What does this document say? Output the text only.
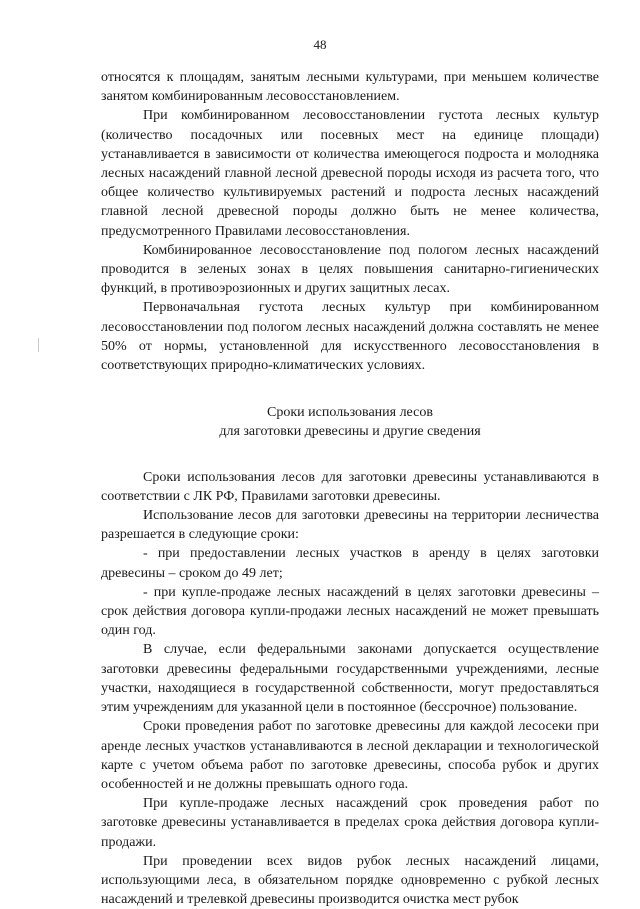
48

относятся к площадям, занятым лесными культурами, при меньшем количестве занятом комбинированным лесовосстановлением.

При комбинированном лесовосстановлении густота лесных культур (количество посадочных или посевных мест на единице площади) устанавливается в зависимости от количества имеющегося подроста и молодняка лесных насаждений главной лесной древесной породы исходя из расчета того, что общее количество культивируемых растений и подроста лесных насаждений главной лесной древесной породы должно быть не менее количества, предусмотренного Правилами лесовосстановления.

Комбинированное лесовосстановление под пологом лесных насаждений проводится в зеленых зонах в целях повышения санитарно-гигиенических функций, в противоэрозионных и других защитных лесах.

Первоначальная густота лесных культур при комбинированном лесовосстановлении под пологом лесных насаждений должна составлять не менее 50% от нормы, установленной для искусственного лесовосстановления в соответствующих природно-климатических условиях.

Сроки использования лесов
для заготовки древесины и другие сведения

Сроки использования лесов для заготовки древесины устанавливаются в соответствии с ЛК РФ, Правилами заготовки древесины.

Использование лесов для заготовки древесины на территории лесничества разрешается в следующие сроки:

- при предоставлении лесных участков в аренду в целях заготовки древесины – сроком до 49 лет;

- при купле-продаже лесных насаждений в целях заготовки древесины – срок действия договора купли-продажи лесных насаждений не может превышать один год.

В случае, если федеральными законами допускается осуществление заготовки древесины федеральными государственными учреждениями, лесные участки, находящиеся в государственной собственности, могут предоставляться этим учреждениям для указанной цели в постоянное (бессрочное) пользование.

Сроки проведения работ по заготовке древесины для каждой лесосеки при аренде лесных участков устанавливаются в лесной декларации и технологической карте с учетом объема работ по заготовке древесины, способа рубок и других особенностей и не должны превышать одного года.

При купле-продаже лесных насаждений срок проведения работ по заготовке древесины устанавливается в пределах срока действия договора купли-продажи.

При проведении всех видов рубок лесных насаждений лицами, использующими леса, в обязательном порядке одновременно с рубкой лесных насаждений и трелевкой древесины производится очистка мест рубок
